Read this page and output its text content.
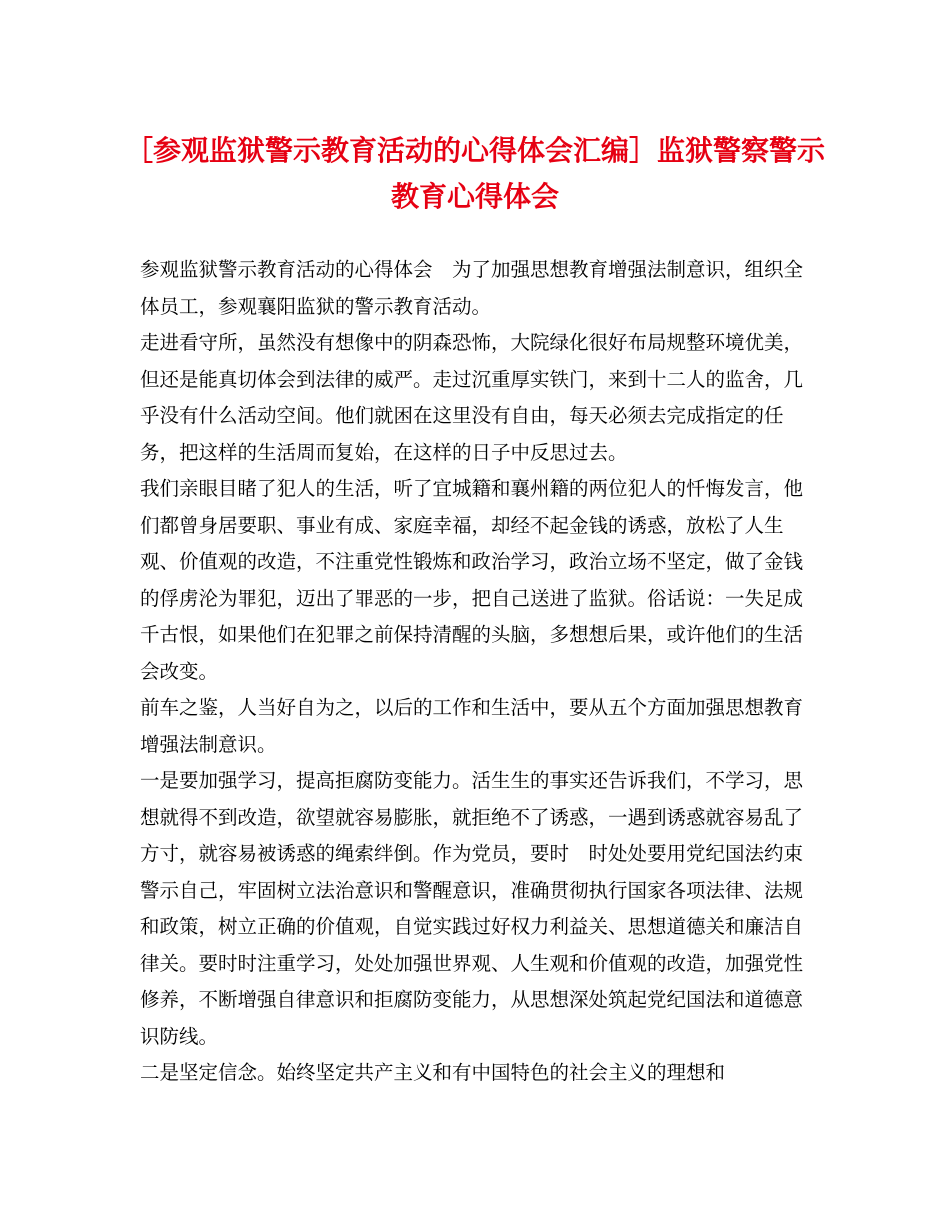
［参观监狱警示教育活动的心得体会汇编］监狱警察警示教育心得体会

参观监狱警示教育活动的心得体会　为了加强思想教育增强法制意识，组织全体员工，参观襄阳监狱的警示教育活动。

走进看守所，虽然没有想像中的阴森恐怖，大院绿化很好布局规整环境优美，但还是能真切体会到法律的威严。走过沉重厚实铁门，来到十二人的监舍，几乎没有什么活动空间。他们就困在这里没有自由，每天必须去完成指定的任务，把这样的生活周而复始，在这样的日子中反思过去。

我们亲眼目睹了犯人的生活，听了宜城籍和襄州籍的两位犯人的忏悔发言，他们都曾身居要职、事业有成、家庭幸福，却经不起金钱的诱惑，放松了人生观、价值观的改造，不注重党性锻炼和政治学习，政治立场不坚定，做了金钱的俘虏沦为罪犯，迈出了罪恶的一步，把自己送进了监狱。俗话说：一失足成千古恨，如果他们在犯罪之前保持清醒的头脑，多想想后果，或许他们的生活会改变。

前车之鉴，人当好自为之，以后的工作和生活中，要从五个方面加强思想教育增强法制意识。

一是要加强学习，提高拒腐防变能力。活生生的事实还告诉我们，不学习，思想就得不到改造，欲望就容易膨胀，就拒绝不了诱惑，一遇到诱惑就容易乱了方寸，就容易被诱惑的绳索绊倒。作为党员，要时　时处处要用党纪国法约束警示自己，牢固树立法治意识和警醒意识，准确贯彻执行国家各项法律、法规和政策，树立正确的价值观，自觉实践过好权力利益关、思想道德关和廉洁自律关。要时时注重学习，处处加强世界观、人生观和价值观的改造，加强党性修养，不断增强自律意识和拒腐防变能力，从思想深处筑起党纪国法和道德意识防线。

二是坚定信念。始终坚定共产主义和有中国特色的社会主义的理想和
